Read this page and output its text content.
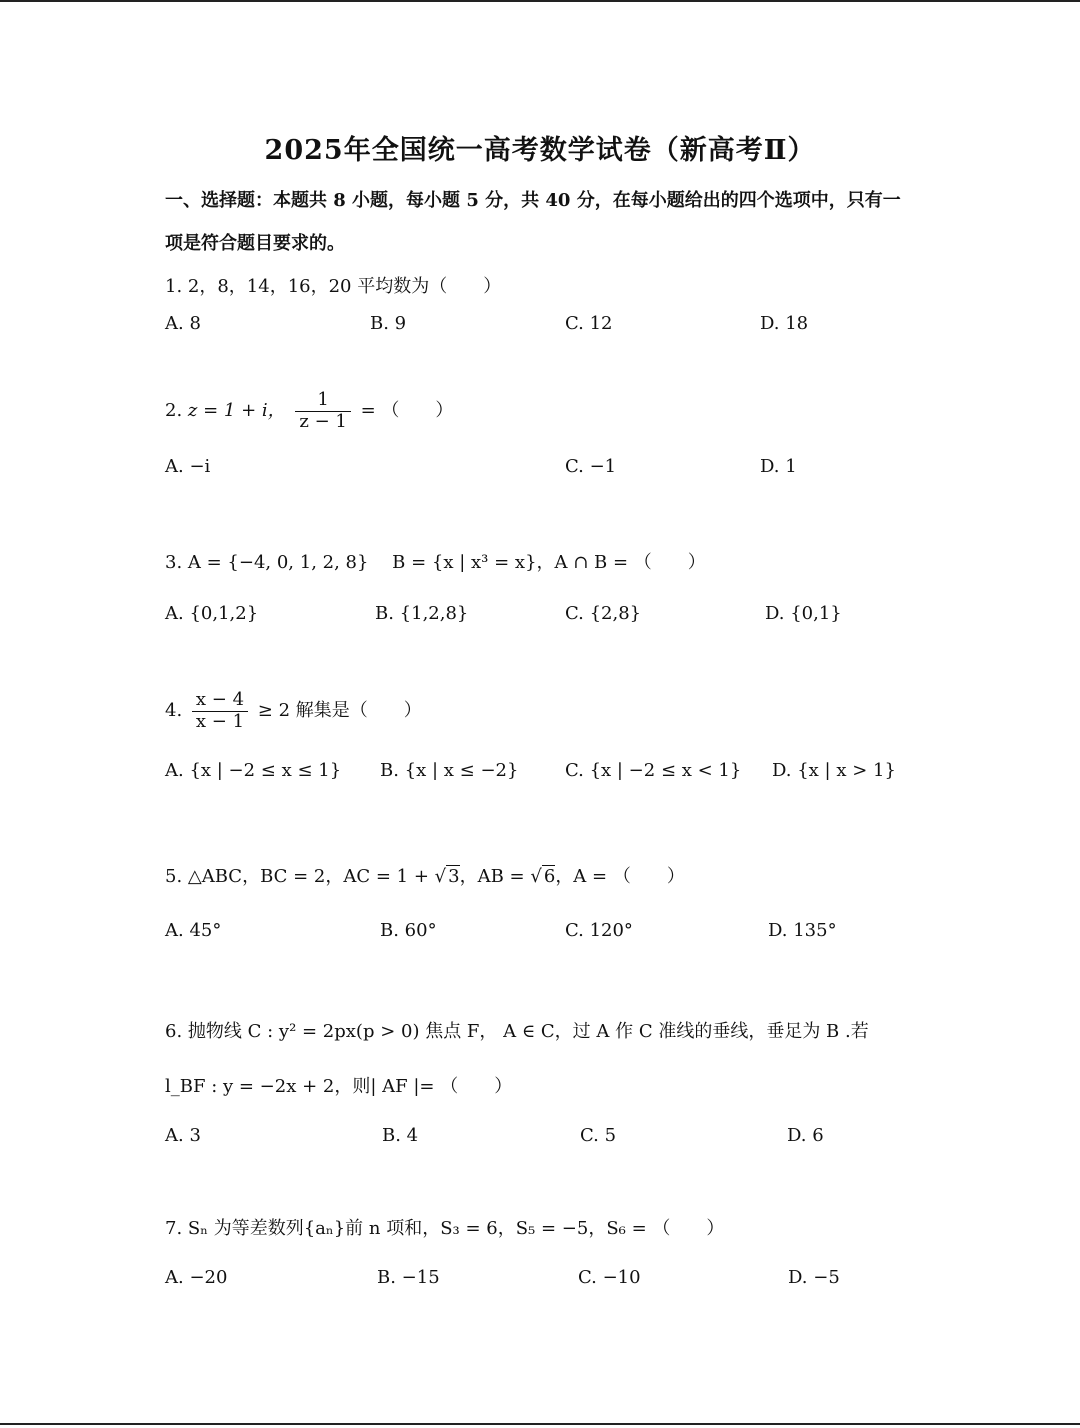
2025年全国统一高考数学试卷（新高考Ⅱ）
一、选择题：本题共 8 小题，每小题 5 分，共 40 分，在每小题给出的四个选项中，只有一
项是符合题目要求的。
1. 2，8，14，16，20 平均数为（　　）
A. 8	B. 9	C. 12	D. 18
2. z = 1 + i， $\frac{1}{z - 1}$ = （　　）
A. −i	C. −1	D. 1
3. A = {−4, 0, 1, 2, 8}　 B = {x | x³ = x}，A ∩ B = （　　）
A. {0,1,2}	B. {1,2,8}	C. {2,8}	D. {0,1}
4. $\frac{x - 4}{x - 1} \ge 2$ 解集是（　　）
A. {x | −2 ≤ x ≤ 1} B. {x | x ≤ −2}	C. {x | −2 ≤ x < 1} D. {x | x > 1}
5. △ABC，BC = 2，AC = 1 + √ 3，AB = √ 6，A = （　　）
A. 45°	B. 60°	C. 120°	D. 135°
6. 抛物线 C : y² = 2px(p > 0) 焦点 F， A ∈ C，过 A 作 C 准线的垂线，垂足为 B .若
l_BF : y = −2x + 2，则| AF |= （　　）
A. 3	B. 4	C. 5	D. 6
7. Sₙ 为等差数列{aₙ}前 n 项和，S₃ = 6，S₅ = −5，S₆ = （　　）
A. −20	B. −15	C. −10	D. −5
